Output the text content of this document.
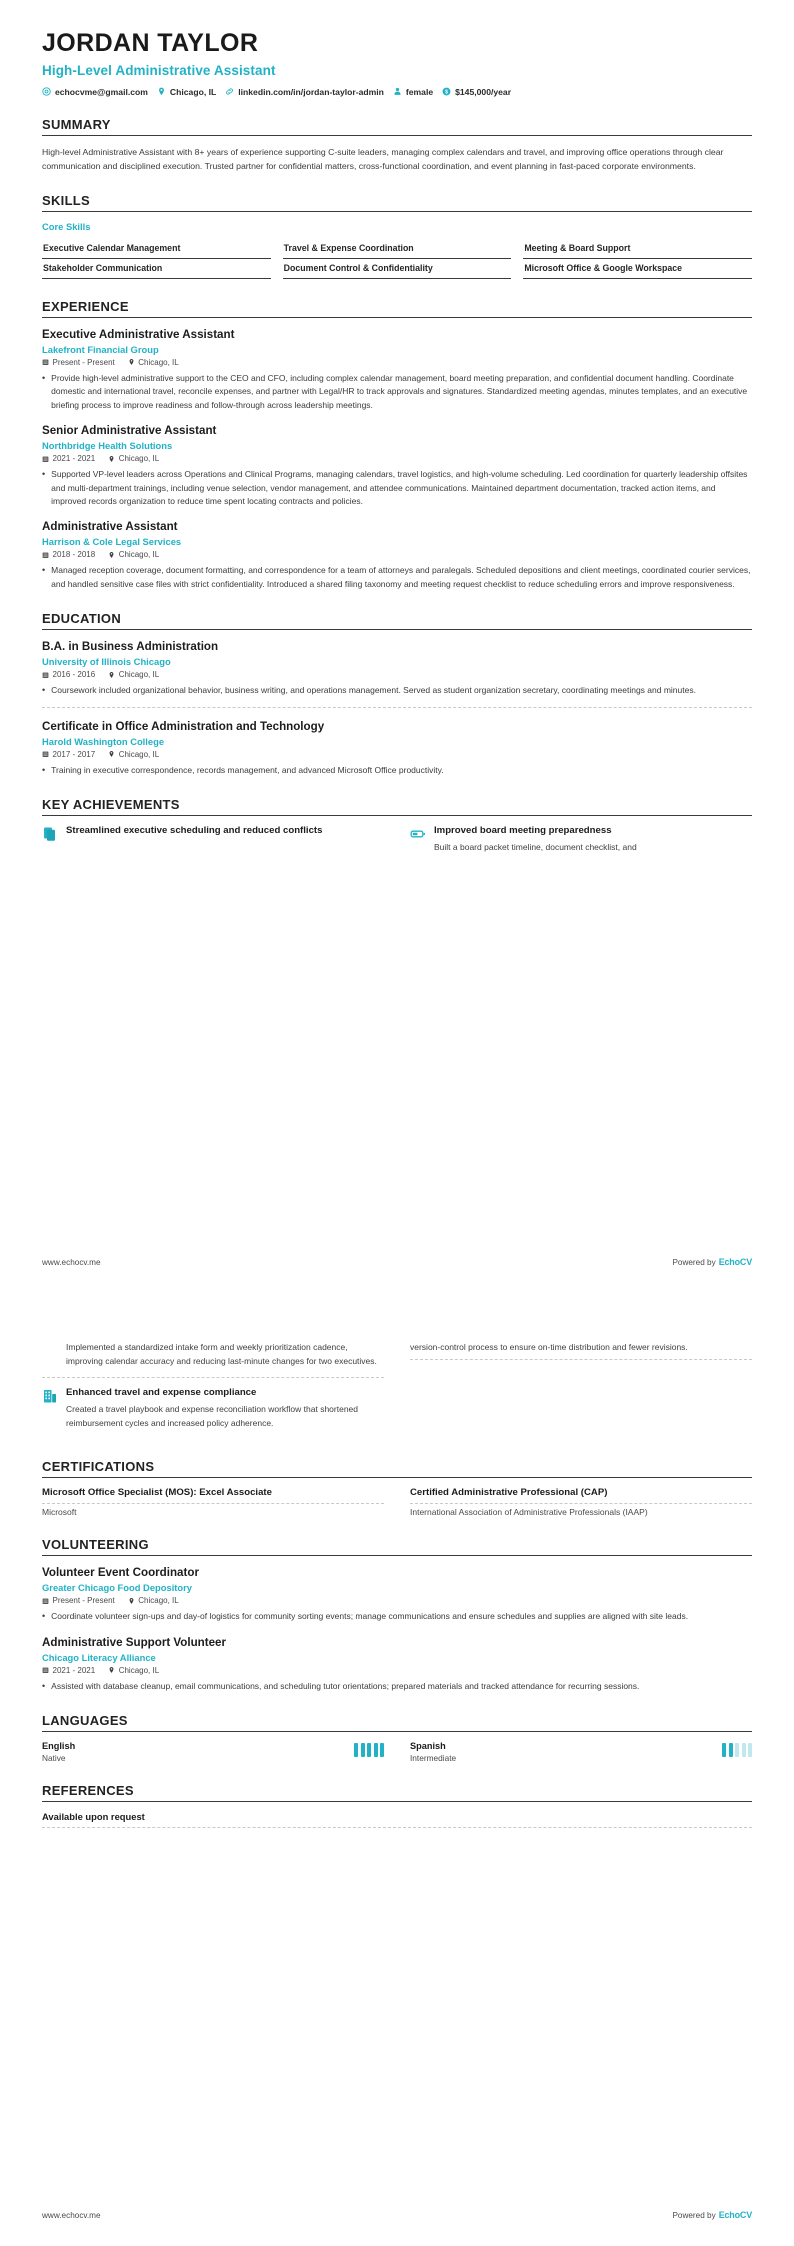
JORDAN TAYLOR
High-Level Administrative Assistant
echocvme@gmail.com	Chicago, IL	linkedin.com/in/jordan-taylor-admin	female $ $145,000/year
SUMMARY
High-level Administrative Assistant with 8+ years of experience supporting C-suite leaders, managing complex calendars and travel, and improving office operations through clear communication and disciplined execution. Trusted partner for confidential matters, cross-functional coordination, and event planning in fast-paced corporate environments.
SKILLS
Core Skills
Executive Calendar Management	Travel & Expense Coordination	Meeting & Board Support
Stakeholder Communication	Document Control & Confidentiality	Microsoft Office & Google Workspace
EXPERIENCE
Executive Administrative Assistant
Lakefront Financial Group
Present - Present	Chicago, IL
• Provide high-level administrative support to the CEO and CFO, including complex calendar management, board meeting preparation, and confidential document handling. Coordinate domestic and international travel, reconcile expenses, and partner with Legal/HR to track approvals and signatures. Standardized meeting agendas, minutes templates, and an executive briefing process to improve readiness and follow-through across leadership meetings.
Senior Administrative Assistant
Northbridge Health Solutions
2021 - 2021	Chicago, IL
• Supported VP-level leaders across Operations and Clinical Programs, managing calendars, travel logistics, and high-volume scheduling. Led coordination for quarterly leadership offsites and multi-department trainings, including venue selection, vendor management, and attendee communications. Maintained department documentation, tracked action items, and improved records organization to reduce time spent locating contracts and policies.
Administrative Assistant
Harrison & Cole Legal Services
2018 - 2018	Chicago, IL
• Managed reception coverage, document formatting, and correspondence for a team of attorneys and paralegals. Scheduled depositions and client meetings, coordinated courier services, and handled sensitive case files with strict confidentiality. Introduced a shared filing taxonomy and meeting request checklist to reduce scheduling errors and improve responsiveness.
EDUCATION
B.A. in Business Administration
University of Illinois Chicago
2016 - 2016	Chicago, IL
• Coursework included organizational behavior, business writing, and operations management. Served as student organization secretary, coordinating meetings and minutes.
Certificate in Office Administration and Technology
Harold Washington College
2017 - 2017	Chicago, IL
• Training in executive correspondence, records management, and advanced Microsoft Office productivity.
KEY ACHIEVEMENTS
Streamlined executive scheduling and reduced conflicts	Improved board meeting preparedness
Built a board packet timeline, document checklist, and
www.echocv.me	Powered by EchoCV
Implemented a standardized intake form and weekly prioritization cadence, improving calendar accuracy and reducing last-minute changes for two executives.
Enhanced travel and expense compliance
Created a travel playbook and expense reconciliation workflow that shortened reimbursement cycles and increased policy adherence.
version-control process to ensure on-time distribution and fewer revisions.
CERTIFICATIONS
Microsoft Office Specialist (MOS): Excel Associate
Microsoft
Certified Administrative Professional (CAP)
International Association of Administrative Professionals (IAAP)
VOLUNTEERING
Volunteer Event Coordinator
Greater Chicago Food Depository
Present - Present	Chicago, IL
• Coordinate volunteer sign-ups and day-of logistics for community sorting events; manage communications and ensure schedules and supplies are aligned with site leads.
Administrative Support Volunteer
Chicago Literacy Alliance
2021 - 2021	Chicago, IL
• Assisted with database cleanup, email communications, and scheduling tutor orientations; prepared materials and tracked attendance for recurring sessions.
LANGUAGES
English
Native
Spanish
Intermediate
REFERENCES
Available upon request
www.echocv.me	Powered by EchoCV
